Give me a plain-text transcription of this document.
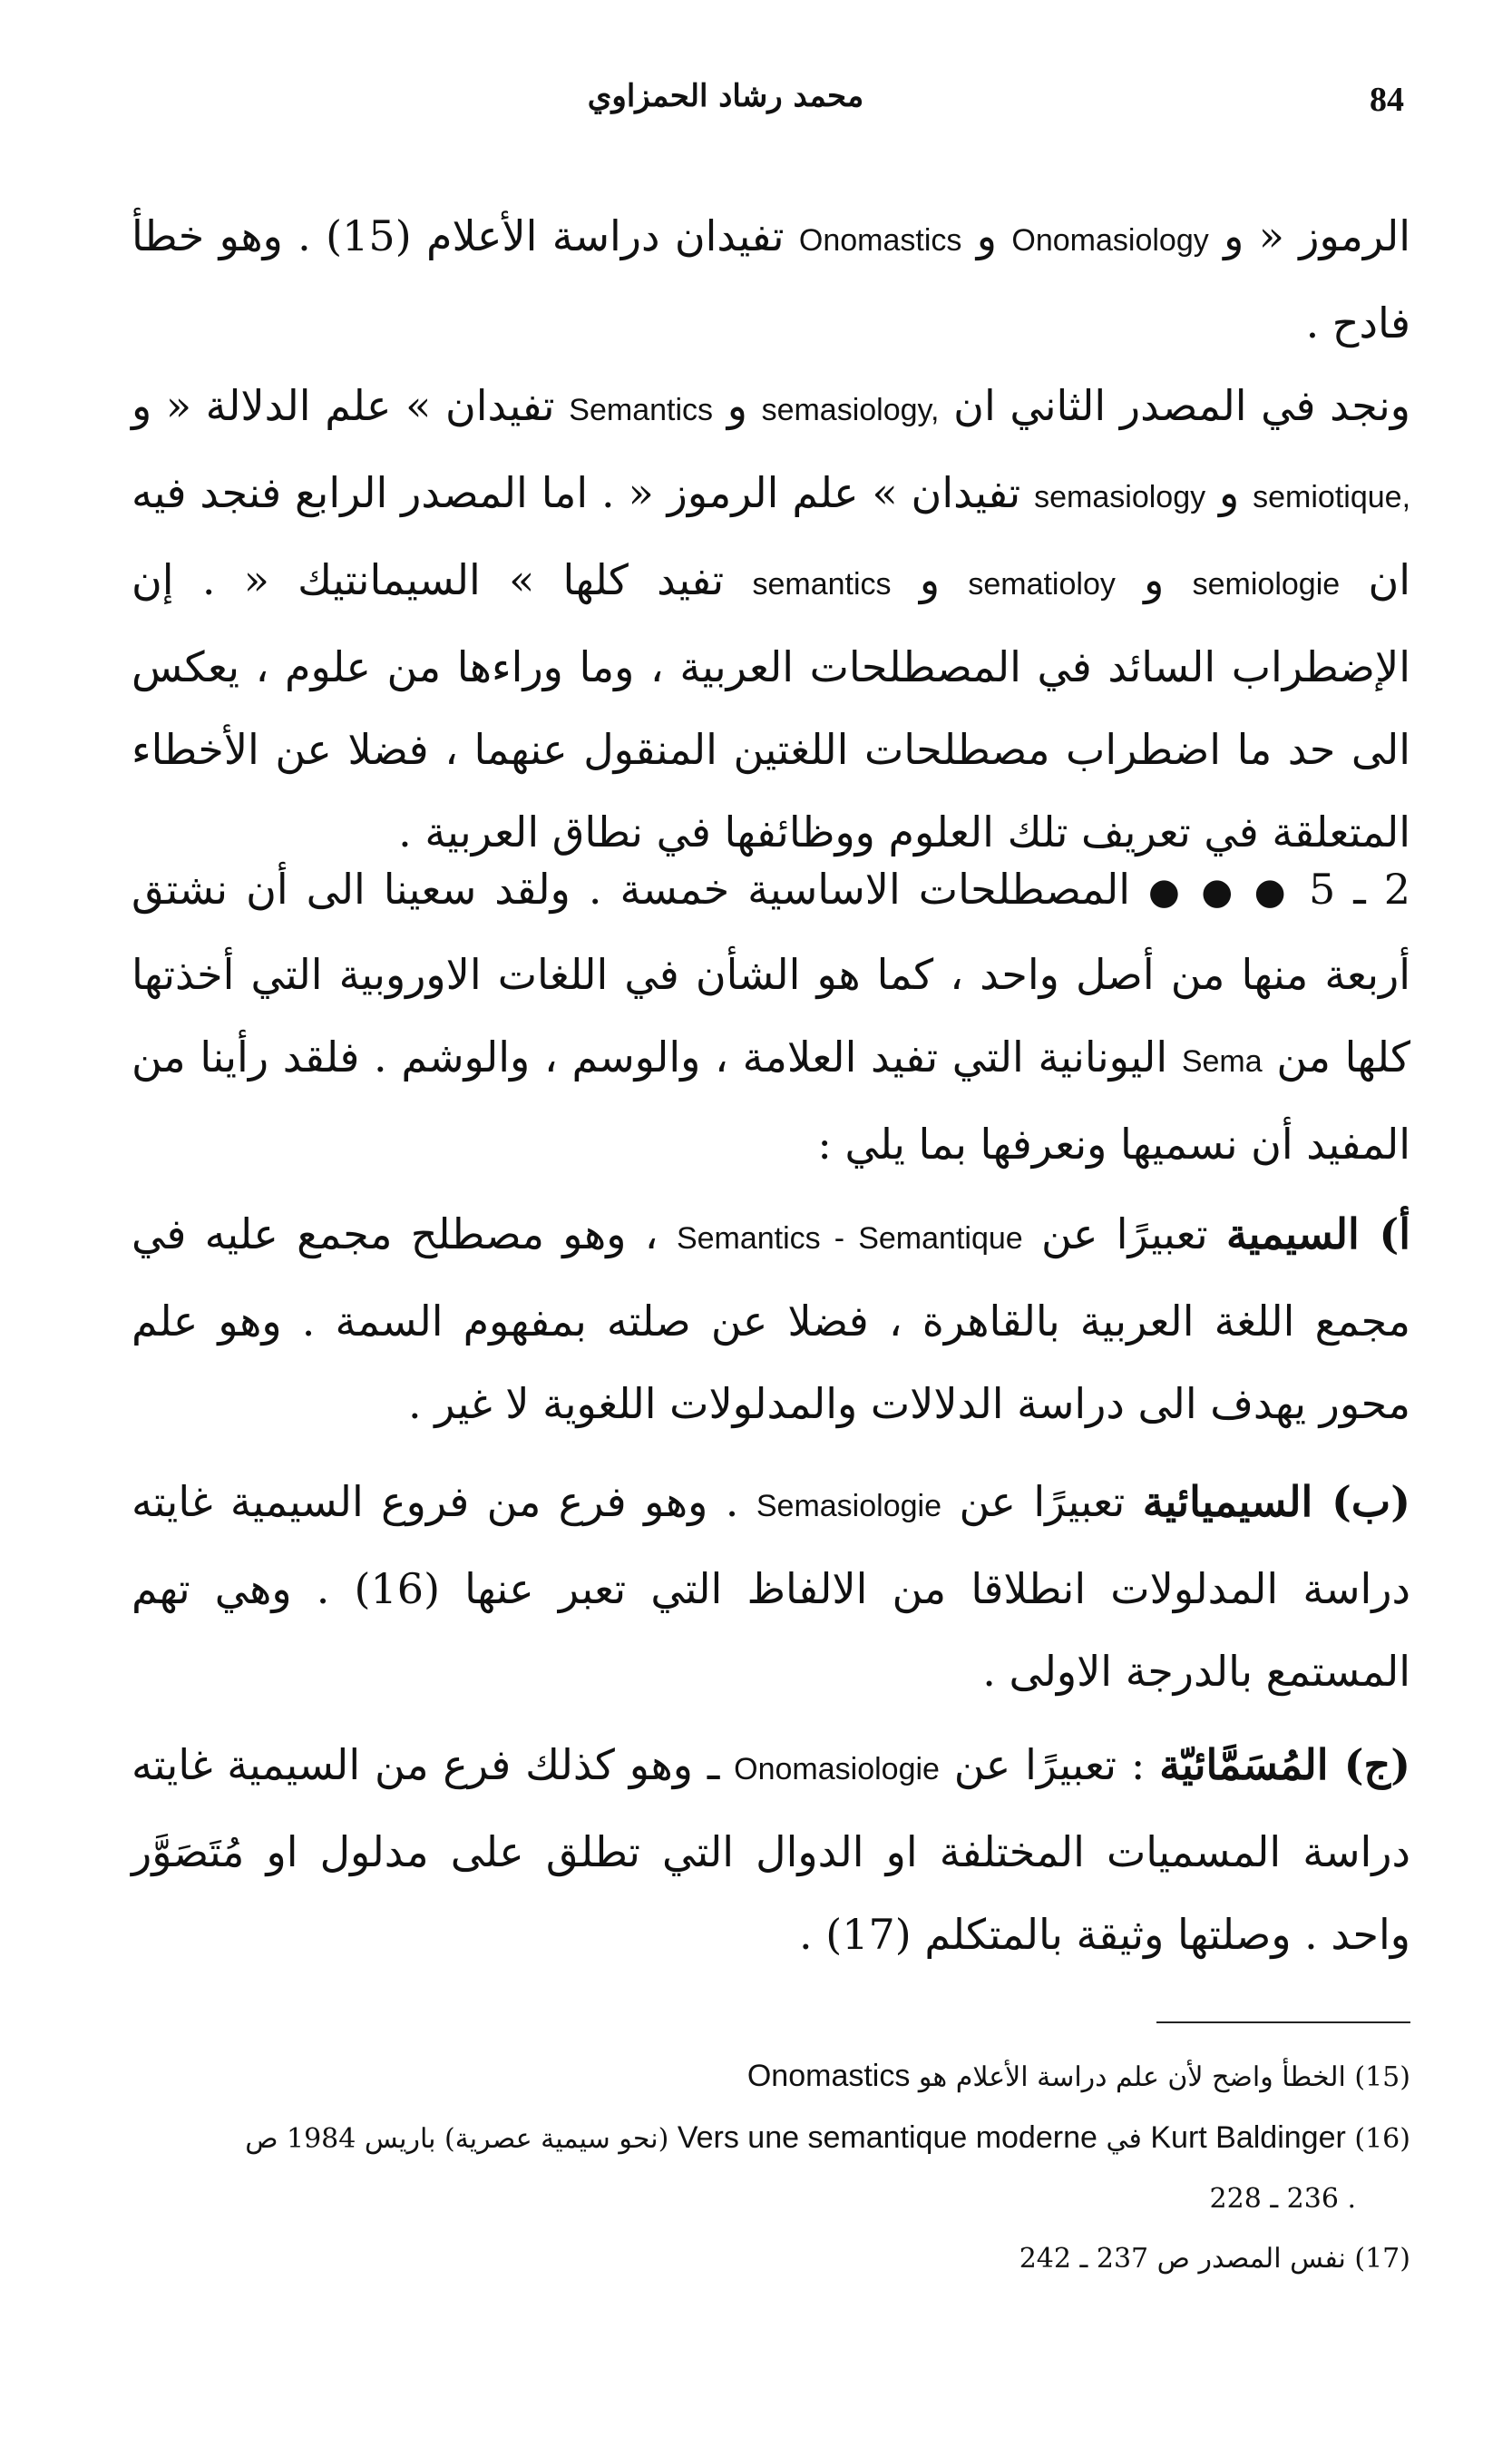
84
محمد رشاد الحمزاوي

الرموز « و Onomasiology و Onomastics تفيدان دراسة الأعلام (15) . وهو خطأ فادح .

ونجد في المصدر الثاني ان semasiology, و Semantics تفيدان » علم الدلالة « و semiotique, و semasiology تفيدان » علم الرموز « . اما المصدر الرابع فنجد فيه ان semiologie و sematioloy و semantics تفيد كلها » السيمانتيك « . إن الإضطراب السائد في المصطلحات العربية ، وما وراءها من علوم ، يعكس الى حد ما اضطراب مصطلحات اللغتين المنقول عنهما ، فضلا عن الأخطاء المتعلقة في تعريف تلك العلوم ووظائفها في نطاق العربية .

2 ـ 5 ● ● ● المصطلحات الاساسية خمسة . ولقد سعينا الى أن نشتق أربعة منها من أصل واحد ، كما هو الشأن في اللغات الاوروبية التي أخذتها كلها من Sema اليونانية التي تفيد العلامة ، والوسم ، والوشم . فلقد رأينا من المفيد أن نسميها ونعرفها بما يلي :

أ) السيمية تعبيرًا عن Semantics - Semantique ، وهو مصطلح مجمع عليه في مجمع اللغة العربية بالقاهرة ، فضلا عن صلته بمفهوم السمة . وهو علم محور يهدف الى دراسة الدلالات والمدلولات اللغوية لا غير .

(ب) السيميائية تعبيرًا عن Semasiologie . وهو فرع من فروع السيمية غايته دراسة المدلولات انطلاقا من الالفاظ التي تعبر عنها (16) . وهي تهم المستمع بالدرجة الاولى .

(ج) المُسَمَّائيّة : تعبيرًا عن Onomasiologie ـ وهو كذلك فرع من السيمية غايته دراسة المسميات المختلفة او الدوال التي تطلق على مدلول او مُتَصَوَّر واحد . وصلتها وثيقة بالمتكلم (17) .

(15) الخطأ واضح لأن علم دراسة الأعلام هو Onomastics

(16) Kurt Baldinger في Vers une semantique moderne (نحو سيمية عصرية) باريس 1984 ص

. 236 ـ 228

(17) نفس المصدر ص 237 ـ 242
